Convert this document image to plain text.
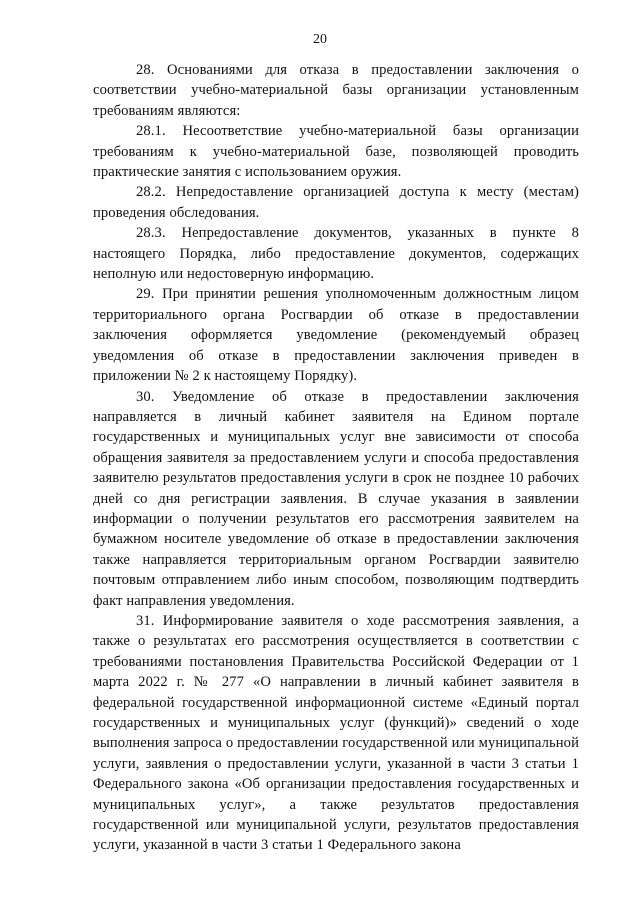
20

28. Основаниями для отказа в предоставлении заключения о соответствии учебно-материальной базы организации установленным требованиям являются:

28.1. Несоответствие учебно-материальной базы организации требованиям к учебно-материальной базе, позволяющей проводить практические занятия с использованием оружия.

28.2. Непредоставление организацией доступа к месту (местам) проведения обследования.

28.3. Непредоставление документов, указанных в пункте 8 настоящего Порядка, либо предоставление документов, содержащих неполную или недостоверную информацию.

29. При принятии решения уполномоченным должностным лицом территориального органа Росгвардии об отказе в предоставлении заключения оформляется уведомление (рекомендуемый образец уведомления об отказе в предоставлении заключения приведен в приложении № 2 к настоящему Порядку).

30. Уведомление об отказе в предоставлении заключения направляется в личный кабинет заявителя на Едином портале государственных и муниципальных услуг вне зависимости от способа обращения заявителя за предоставлением услуги и способа предоставления заявителю результатов предоставления услуги в срок не позднее 10 рабочих дней со дня регистрации заявления. В случае указания в заявлении информации о получении результатов его рассмотрения заявителем на бумажном носителе уведомление об отказе в предоставлении заключения также направляется территориальным органом Росгвардии заявителю почтовым отправлением либо иным способом, позволяющим подтвердить факт направления уведомления.

31. Информирование заявителя о ходе рассмотрения заявления, а также о результатах его рассмотрения осуществляется в соответствии с требованиями постановления Правительства Российской Федерации от 1 марта 2022 г. № 277 «О направлении в личный кабинет заявителя в федеральной государственной информационной системе «Единый портал государственных и муниципальных услуг (функций)» сведений о ходе выполнения запроса о предоставлении государственной или муниципальной услуги, заявления о предоставлении услуги, указанной в части 3 статьи 1 Федерального закона «Об организации предоставления государственных и муниципальных услуг», а также результатов предоставления государственной или муниципальной услуги, результатов предоставления услуги, указанной в части 3 статьи 1 Федерального закона
